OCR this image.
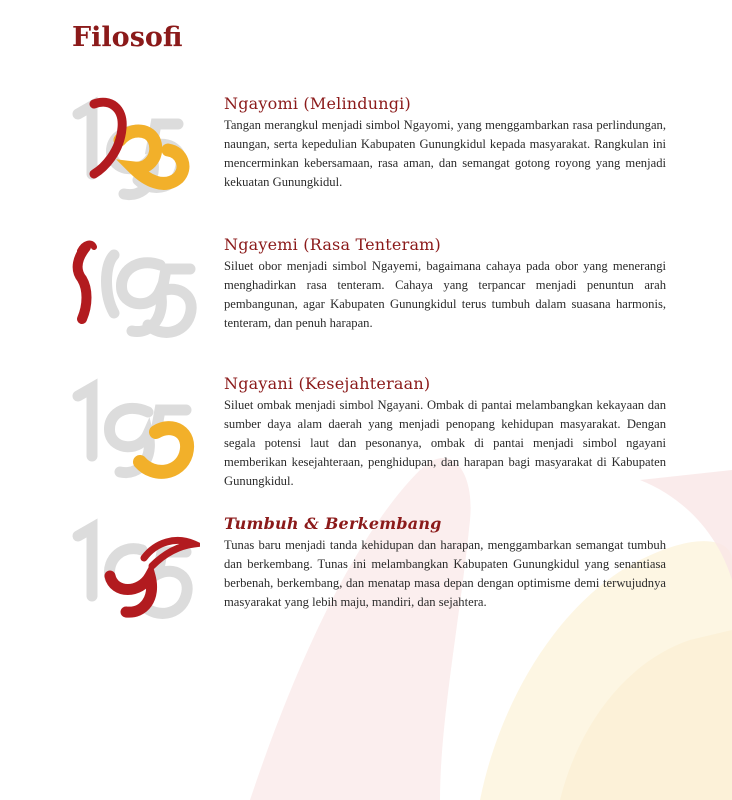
Filosofi
Ngayomi (Melindungi)

Tangan merangkul menjadi simbol Ngayomi, yang menggambarkan rasa perlindungan, naungan, serta kepedulian Kabupaten Gunungkidul kepada masyarakat. Rangkulan ini mencerminkan kebersamaan, rasa aman, dan semangat gotong royong yang menjadi kekuatan Gunungkidul.

Ngayemi (Rasa Tenteram)

Siluet obor menjadi simbol Ngayemi, bagaimana cahaya pada obor yang menerangi menghadirkan rasa tenteram. Cahaya yang terpancar menjadi penuntun arah pembangunan, agar Kabupaten Gunungkidul terus tumbuh dalam suasana harmonis, tenteram, dan penuh harapan.

Ngayani (Kesejahteraan)

Siluet ombak menjadi simbol Ngayani. Ombak di pantai melambangkan kekayaan dan sumber daya alam daerah yang menjadi penopang kehidupan masyarakat. Dengan segala potensi laut dan pesonanya, ombak di pantai menjadi simbol ngayani memberikan kesejahteraan, penghidupan, dan harapan bagi masyarakat di Kabupaten Gunungkidul.

Tumbuh & Berkembang

Tunas baru menjadi tanda kehidupan dan harapan, menggambarkan semangat tumbuh dan berkembang. Tunas ini melambangkan Kabupaten Gunungkidul yang senantiasa berbenah, berkembang, dan menatap masa depan dengan optimisme demi terwujudnya masyarakat yang lebih maju, mandiri, dan sejahtera.
